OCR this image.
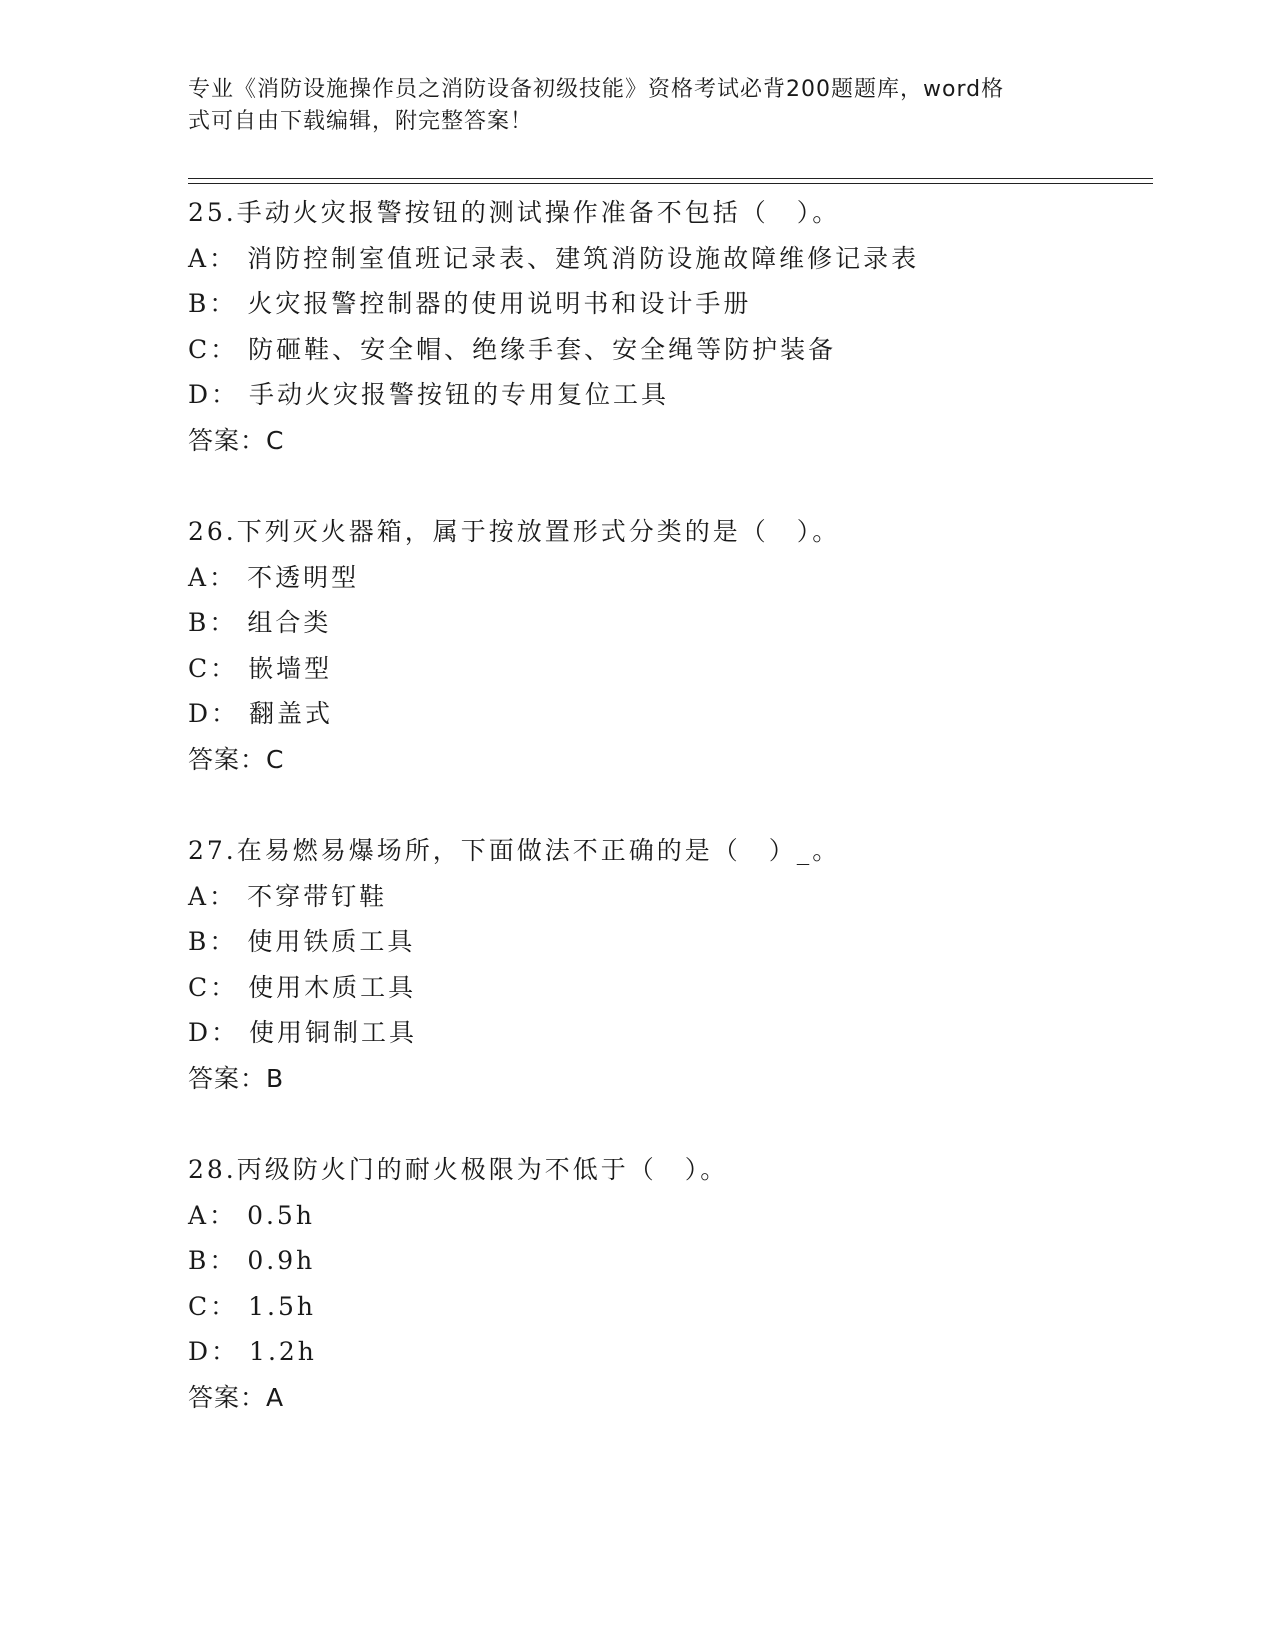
专业《消防设施操作员之消防设备初级技能》资格考试必背200题题库，word格
式可自由下载编辑，附完整答案！
25.手动火灾报警按钮的测试操作准备不包括（　）。
A： 消防控制室值班记录表、建筑消防设施故障维修记录表
B： 火灾报警控制器的使用说明书和设计手册
C： 防砸鞋、安全帽、绝缘手套、安全绳等防护装备
D： 手动火灾报警按钮的专用复位工具
答案：C
26.下列灭火器箱，属于按放置形式分类的是（　）。
A： 不透明型
B： 组合类
C： 嵌墙型
D： 翻盖式
答案：C
27.在易燃易爆场所，下面做法不正确的是（　）_。
A： 不穿带钉鞋
B： 使用铁质工具
C： 使用木质工具
D： 使用铜制工具
答案：B
28.丙级防火门的耐火极限为不低于（　）。
A： 0.5h
B： 0.9h
C： 1.5h
D： 1.2h
答案：A
